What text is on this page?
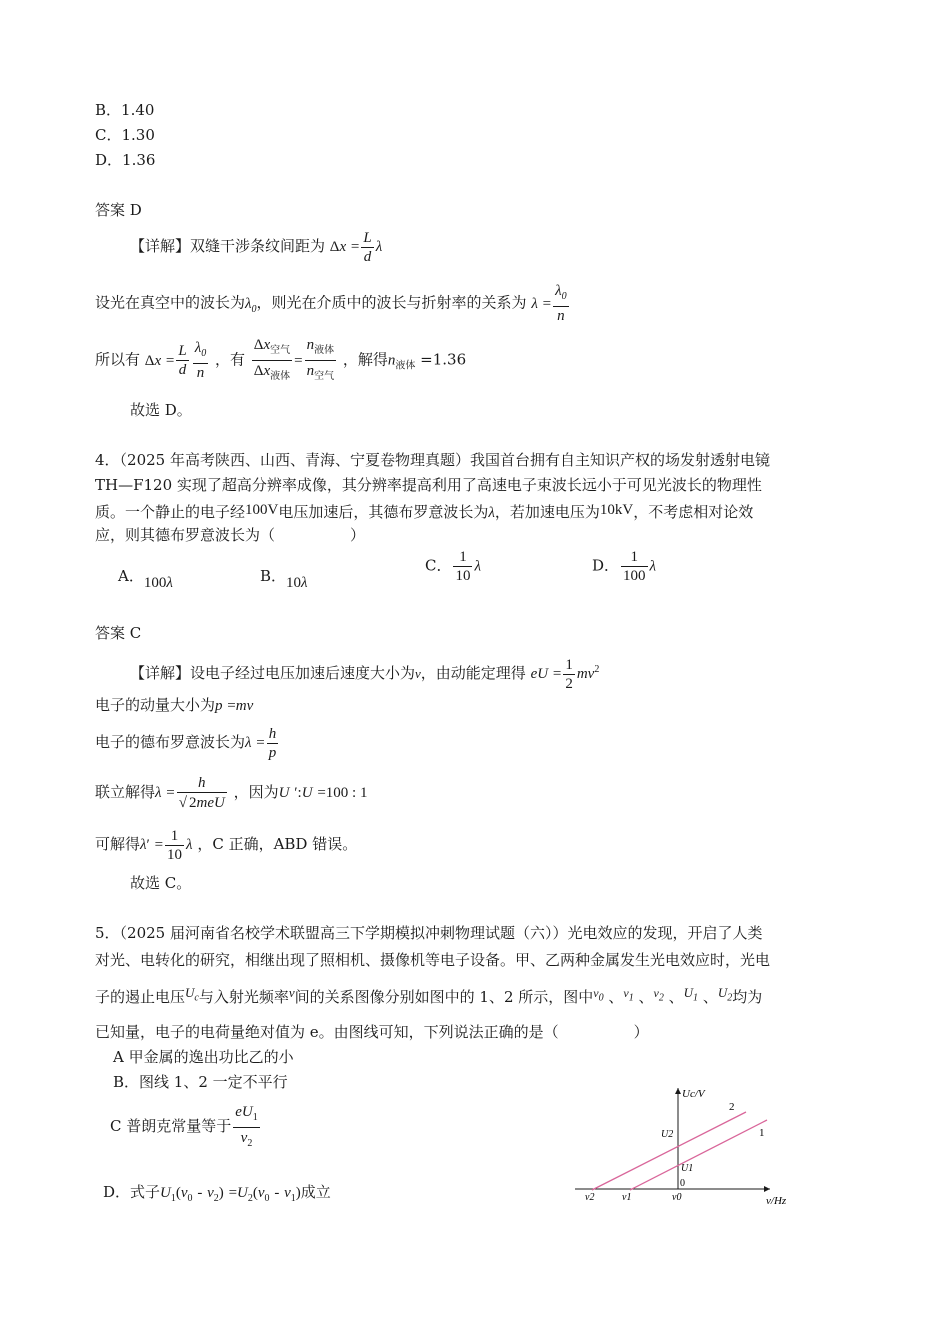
B．1.40
C．1.30
D．1.36
答案 D
【详解】双缝干涉条纹间距为 $\Delta x = \frac{L}{d}$ λ
设光在真空中的波长为$\lambda_0$，则光在介质中的波长与折射率的关系为 $\lambda = \frac{\lambda_0}{n}$
所以有 $\Delta x = \frac{L}{d} \frac{\lambda_0}{n}$ ，有 $\frac{\Delta x_{空气}}{\Delta x_{液体}} = \frac{n_{液体}}{n_{空气}}$ ，解得$n_{液体} =1.36$
故选 D。
4．（2025 年高考陕西、山西、青海、宁夏卷物理真题）我国首台拥有自主知识产权的场发射透射电镜
TH—F120 实现了超高分辨率成像，其分辨率提高利用了高速电子束波长远小于可见光波长的物理性
质。一个静止的电子经100V电压加速后，其德布罗意波长为λ，若加速电压为10kV，不考虑相对论效
应，则其德布罗意波长为（　　　　　）
A．100λ	B．10λ
C． $\frac{1}{10}$ λ	D． $\frac{1}{100}$ λ
答案 C
【详解】设电子经过电压加速后速度大小为v，由动能定理得 eU = $\frac{1}{2} mv^2$
电子的动量大小为p =mv
电子的德布罗意波长为$\lambda = \frac{h}{p}$
联立解得$\lambda = \frac{h}{\text{√ 2meU}}$ ，因为U ′:U =100 : 1
可解得$\lambda' = \frac{1}{10}$ λ ，C 正确，ABD 错误。
故选 C。
5．（2025 届河南省名校学术联盟高三下学期模拟冲刺物理试题（六））光电效应的发现，开启了人类
对光、电转化的研究，相继出现了照相机、摄像机等电子设备。甲、乙两种金属发生光电效应时，光电
子的遏止电压$U_c$与入射光频率ν间的关系图像分别如图中的 1、2 所示，图中$^{\nu_0}$ 、$^{\nu_1}$ 、$^{\nu_2}$ 、$U_1$ 、$U_2$均为
已知量，电子的电荷量绝对值为 e。由图线可知，下列说法正确的是（　　　　　）
A 甲金属的逸出功比乙的小
B．图线 1、2 一定不平行
C 普朗克常量等于 $\frac{eU_1}{v_2}$
D．式子$U_1(v_0 - v_2) =U_2(v_0 - v_1)$成立
Uc/V
ν/Hz
2
1
U2
U1
0
ν2	ν1	ν0
